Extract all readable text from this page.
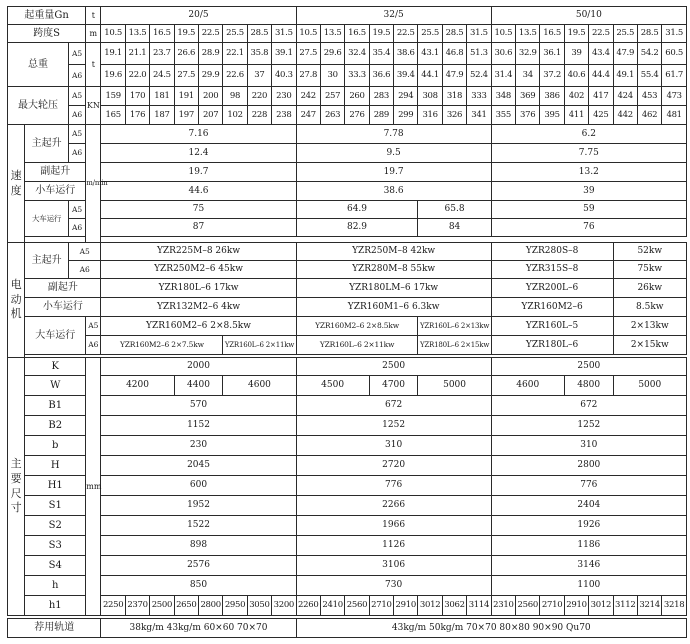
起重量Gn			t	20/5								32/5								50/10							
跨度S			m	10.5	13.5	16.5	19.5	22.5	25.5	28.5	31.5	10.5	13.5	16.5	19.5	22.5	25.5	28.5	31.5	10.5	13.5	16.5	19.5	22.5	25.5	28.5	31.5
总重		A5	t	19.1	21.1	23.7	26.6	28.9	22.1	35.8	39.1	27.5	29.6	32.4	35.4	38.6	43.1	46.8	51.3	30.6	32.9	36.1	39	43.4	47.9	54.2	60.5
		A6		19.6	22.0	24.5	27.5	29.9	22.6	37	40.3	27.8	30	33.3	36.6	39.4	44.1	47.9	52.4	31.4	34	37.2	40.6	44.4	49.1	55.4	61.7
最大轮压		A5	KN	159	170	181	191	200	98	220	230	242	257	260	283	294	308	318	333	348	369	386	402	417	424	453	473
		A6		165	176	187	197	207	102	228	238	247	263	276	289	299	316	326	341	355	376	395	411	425	442	462	481

速
度	主起升	A5	m/min	7.16								7.78								6.2							
		A6		12.4								9.5								7.75							
	副起升			19.7								19.7								13.2							
	小车运行			44.6								38.6								39							
	大车运行	A5		75								64.9					65.8			59							
		A6		87								82.9					84			76							

电
动
机	主起升	A5		YZR225M–8 26kw								YZR250M–8 42kw								YZR280S–8					52kw		
		A6		YZR250M2–6 45kw								YZR280M–8 55kw								YZR315S–8					75kw		
	副起升			YZR180L–6 17kw								YZR180LM–6 17kw								YZR200L–6					26kw		
	小车运行			YZR132M2–6 4kw								YZR160M1–6 6.3kw								YZR160M2–6					8.5kw		
	大车运行		A5	YZR160M2–6 2×8.5kw								YZR160M2–6 2×8.5kw					YZR160L–6 2×13kw			YZR160L–5					2×13kw		
			A6	YZR160M2–6 2×7.5kw					YZR160L–6 2×11kw			YZR160L–6 2×11kw					YZR180L–6 2×15kw			YZR180L–6					2×15kw		

主
要
尺
寸	K		mm	2000								2500								2500							
	W			4200			4400		4600			4500			4700		5000			4600			4800		5000		
	B1			570								672								672							
	B2			1152								1252								1252							
	b			230								310								310							
	H			2045								2720								2800							
	H1			600								776								776							
	S1			1952								2266								2404							
	S2			1522								1966								1926							
	S3			898								1126								1186							
	S4			2576								3106								3146							
	h			850								730								1100							
	h1			2250	2370	2500	2650	2800	2950	3050	3200	2260	2410	2560	2710	2910	3012	3062	3114	2310	2560	2710	2910	3012	3112	3214	3218

荐用轨道				38kg/m 43kg/m 60×60 70×70								43kg/m 50kg/m 70×70 80×80 90×90 Qu70															
